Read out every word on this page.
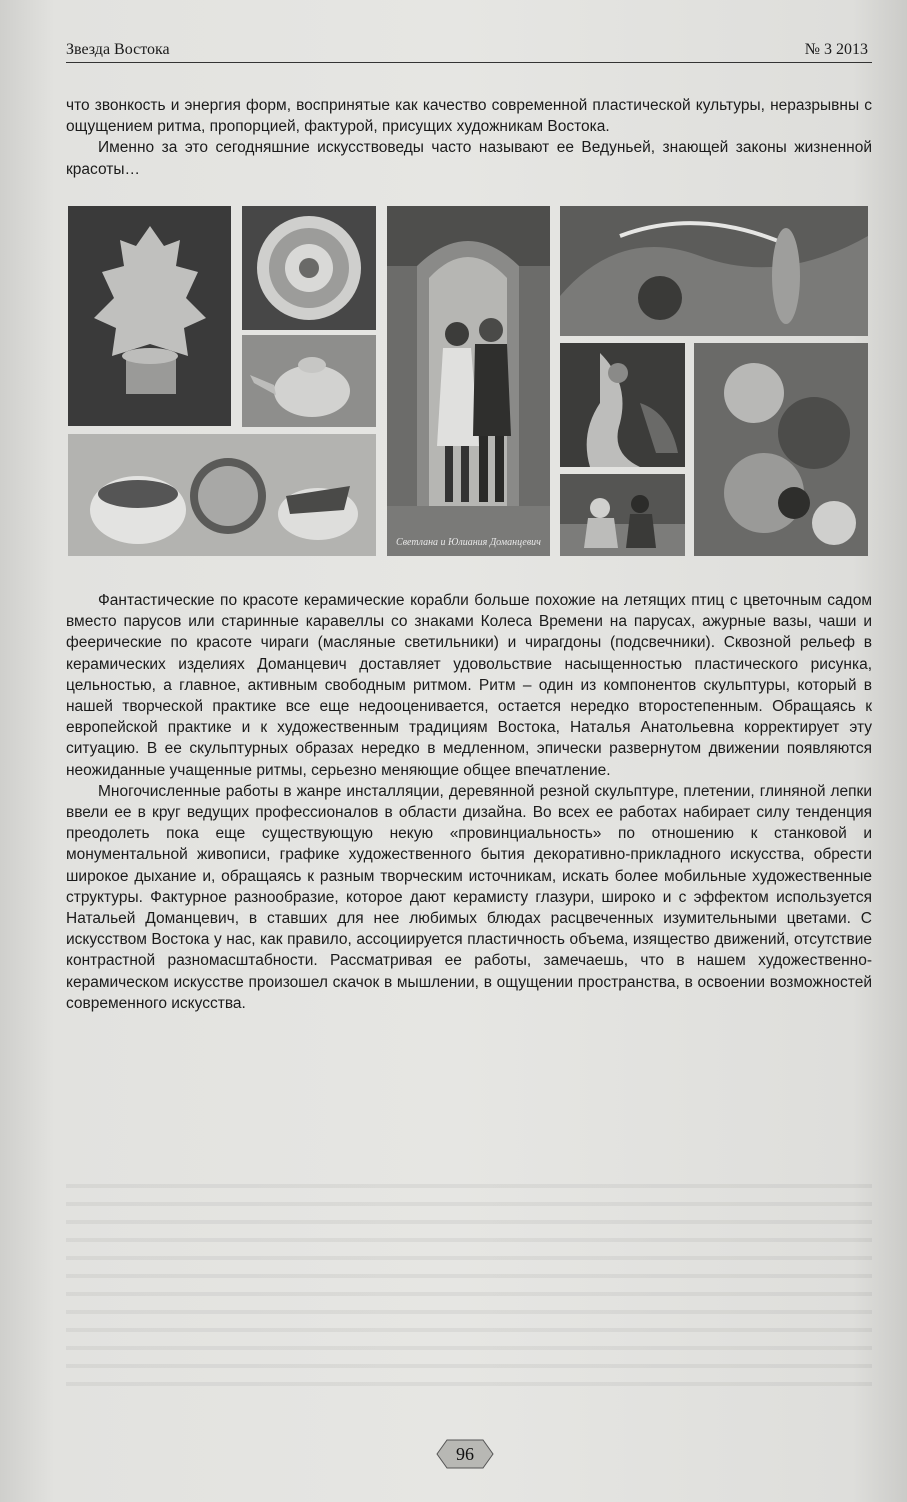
Звезда Востока	№ 3 2013

что звонкость и энергия форм, воспринятые как качество современной пластической культуры, неразрывны с ощущением ритма, пропорцией, фактурой, присущих художникам Востока.

Именно за это сегодняшние искусствоведы часто называют ее Ведуньей, знающей законы жизненной красоты…

Светлана и Юлиания Доманцевич

Фантастические по красоте керамические корабли больше похожие на летящих птиц с цветочным садом вместо парусов или старинные каравеллы со знаками Колеса Времени на парусах, ажурные вазы, чаши и феерические по красоте чираги (масляные светильники) и чирагдоны (подсвечники). Сквозной рельеф в керамических изделиях Доманцевич доставляет удовольствие насыщенностью пластического рисунка, цельностью, а главное, активным свободным ритмом. Ритм – один из компонентов скульптуры, который в нашей творческой практике все еще недооценивается, остается нередко второстепенным. Обращаясь к европейской практике и к художественным традициям Востока, Наталья Анатольевна корректирует эту ситуацию. В ее скульптурных образах нередко в медленном, эпически развернутом движении появляются неожиданные учащенные ритмы, серьезно меняющие общее впечатление.

Многочисленные работы в жанре инсталляции, деревянной резной скульптуре, плетении, глиняной лепки ввели ее в круг ведущих профессионалов в области дизайна. Во всех ее работах набирает силу тенденция преодолеть пока еще существующую некую «провинциальность» по отношению к станковой и монументальной живописи, графике художественного бытия декоративно-прикладного искусства, обрести широкое дыхание и, обращаясь к разным творческим источникам, искать более мобильные художественные структуры. Фактурное разнообразие, которое дают керамисту глазури, широко и с эффектом используется Натальей Доманцевич, в ставших для нее любимых блюдах расцвеченных изумительными цветами. С искусством Востока у нас, как правило, ассоциируется пластичность объема, изящество движений, отсутствие контрастной разномасштабности. Рассматривая ее работы, замечаешь, что в нашем художественно-керамическом искусстве произошел скачок в мышлении, в ощущении пространства, в освоении возможностей современного искусства.

96
